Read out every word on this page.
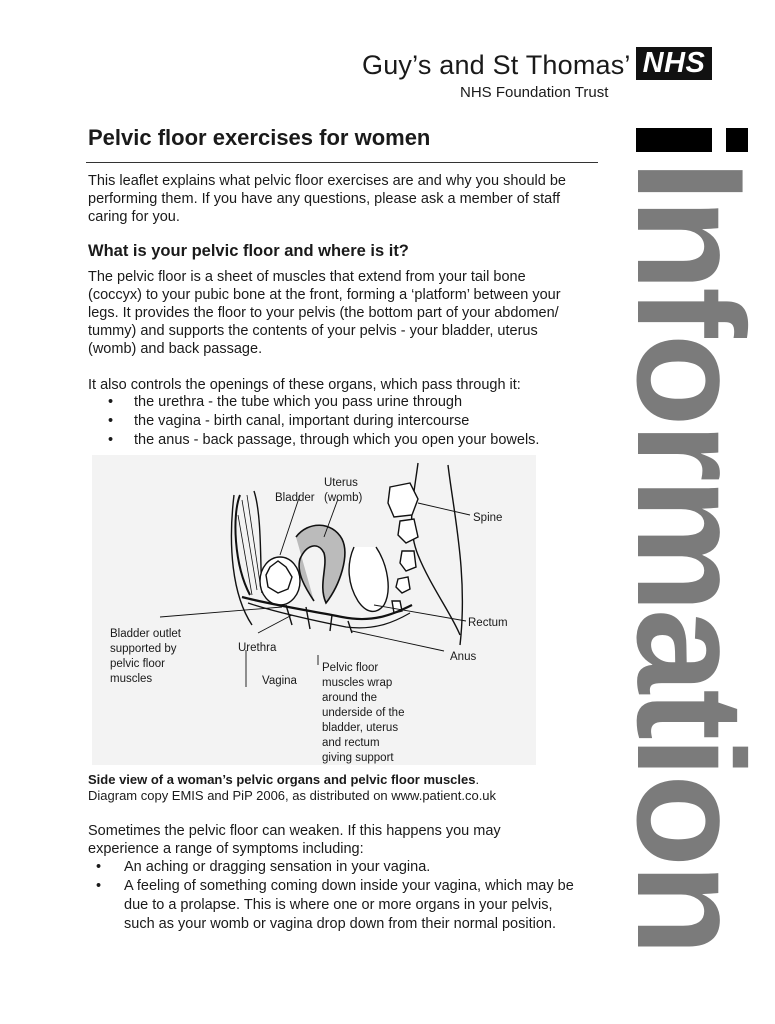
Guy’s and St Thomas’ NHS
NHS Foundation Trust
Information
Pelvic floor exercises for women
This leaflet explains what pelvic floor exercises are and why you should be
performing them. If you have any questions, please ask a member of staff
caring for you.
What is your pelvic floor and where is it?
The pelvic floor is a sheet of muscles that extend from your tail bone
(coccyx) to your pubic bone at the front, forming a ‘platform’ between your
legs. It provides the floor to your pelvis (the bottom part of your abdomen/
tummy) and supports the contents of your pelvis - your bladder, uterus
(womb) and back passage.
It also controls the openings of these organs, which pass through it:
• the urethra - the tube which you pass urine through
• the vagina - birth canal, important during intercourse
• the anus - back passage, through which you open your bowels.
Uterus
(womb)
Bladder
Spine
Rectum
Anus
Bladder outlet
supported by
pelvic floor
muscles
Urethra
Vagina
Pelvic floor
muscles wrap
around the
underside of the
bladder, uterus
and rectum
giving support
Side view of a woman’s pelvic organs and pelvic floor muscles.
Diagram copy EMIS and PiP 2006, as distributed on www.patient.co.uk
Sometimes the pelvic floor can weaken. If this happens you may
experience a range of symptoms including:
• An aching or dragging sensation in your vagina.
• A feeling of something coming down inside your vagina, which may be
due to a prolapse. This is where one or more organs in your pelvis,
such as your womb or vagina drop down from their normal position.
